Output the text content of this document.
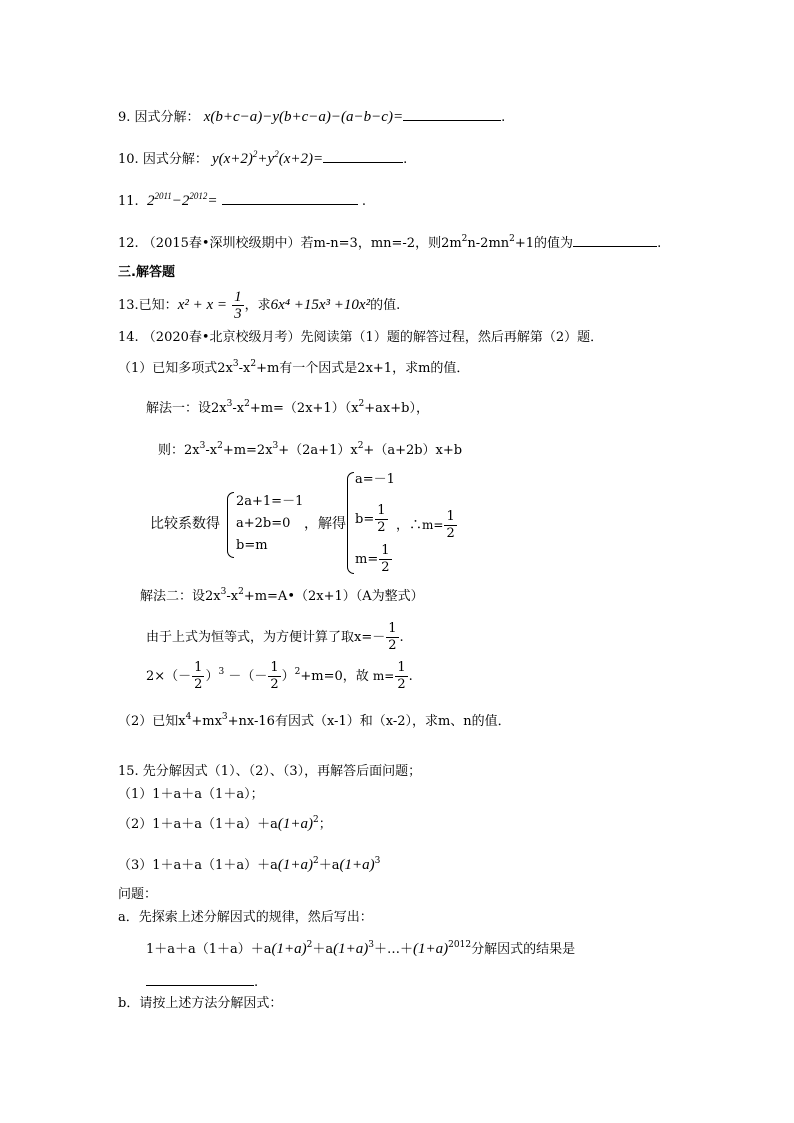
9. 因式分解： x(b+c−a)−y(b+c−a)−(a−b−c)=	.
10. 因式分解： $y(x+2)^2+y^2(x+2)=$	.
11. $2^{2011}-2^{2012}=$	.
12. （2015春•深圳校级期中）若m-n=3，mn=-2，则$2m^2n-2mn^2+1$的值为	.
三.解答题
13.已知：$x^2 + x = \frac{1}{3}$ ，求6x⁴ +15x³ +10x²的值.
14. （2020春•北京校级月考）先阅读第（1）题的解答过程，然后再解第（2）题．
（1）已知多项式$2x^3-x^2+m$有一个因式是2x+1，求m的值．
解法一：设$2x^3-x^2+m=(2x+1)(x^2+ax+b)$，
则：$2x^3-x^2+m=2x^3+(2a+1)x^2+(a+2b)x+b$
比较系数得
2a+1=－1
a+2b=0
b=m
，解得
a=－1
$b= \frac{1}{2}$
$m= \frac{1}{2}$
，∴m= $\frac{1}{2}$
解法二：设$2x^3-x^2+m=A•(2x+1)(A$为整式）
由于上式为恒等式，为方便计算了取$x=- \frac{1}{2}$ .
$2\times(- \frac{1}{2} )^3$ －（－ $\frac{1}{2} )^2+m=0$，故 $m= \frac{1}{2}$ .
（2）已知$x^4+mx^3+nx-16$有因式（x-1）和（x-2），求m、n的值．
15. 先分解因式（1）、（2）、（3），再解答后面问题；
（1）1＋a＋a（1＋a）；
$(2)1+a+a(1+a)+a(1+a)^2$；
$(3)1+a+a(1+a)+a(1+a)^2+a(1+a)^3$
问题：
a．先探索上述分解因式的规律，然后写出：
$1+a+a(1+a)+a(1+a)^2+a(1+a)^3+\dots+(1+a)^{2012}$分解因式的结果是
.
b．请按上述方法分解因式：
